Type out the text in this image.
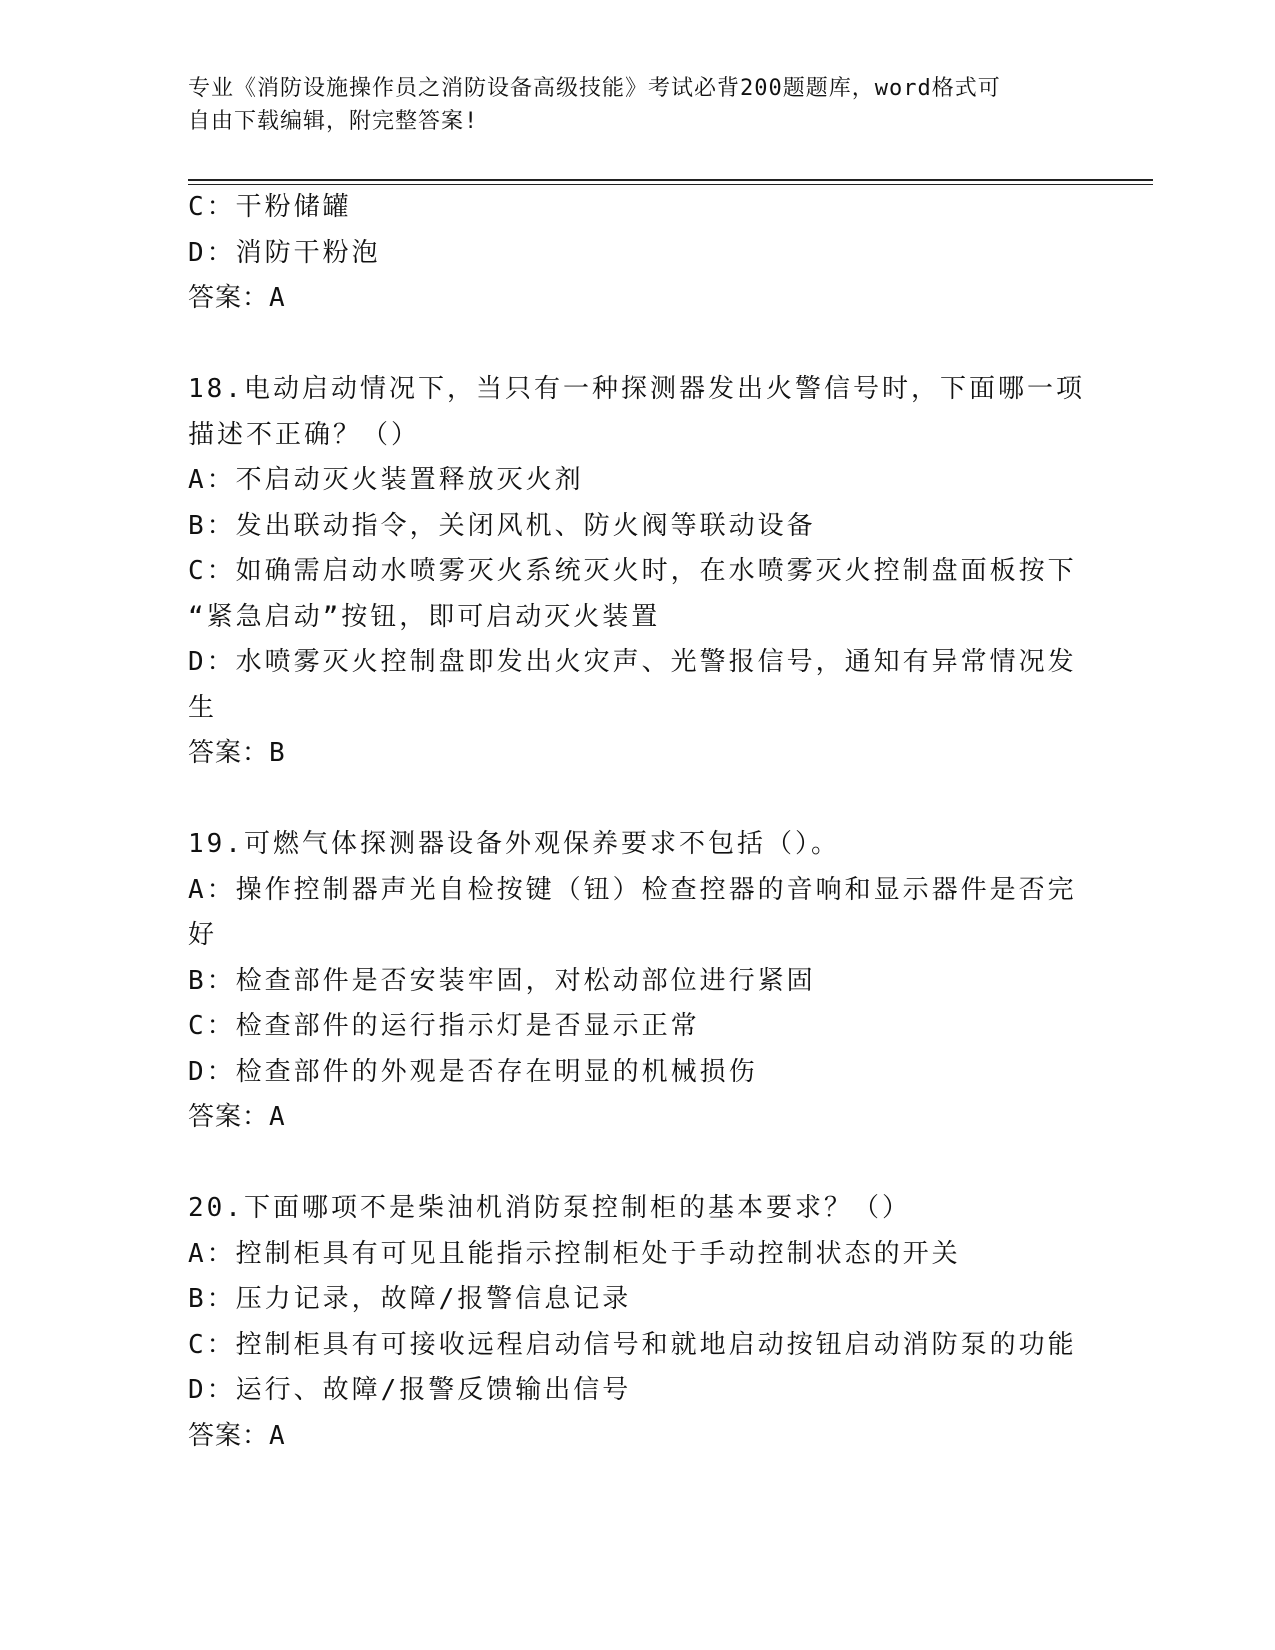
专业《消防设施操作员之消防设备高级技能》考试必背200题题库，word格式可
自由下载编辑，附完整答案!
C：干粉储罐
D：消防干粉泡
答案：A
18.电动启动情况下，当只有一种探测器发出火警信号时，下面哪一项
描述不正确？（）
A：不启动灭火装置释放灭火剂
B：发出联动指令，关闭风机、防火阀等联动设备
C：如确需启动水喷雾灭火系统灭火时，在水喷雾灭火控制盘面板按下
“紧急启动”按钮，即可启动灭火装置
D：水喷雾灭火控制盘即发出火灾声、光警报信号，通知有异常情况发
生
答案：B
19.可燃气体探测器设备外观保养要求不包括（）。
A：操作控制器声光自检按键（钮）检查控器的音响和显示器件是否完
好
B：检查部件是否安装牢固，对松动部位进行紧固
C：检查部件的运行指示灯是否显示正常
D：检查部件的外观是否存在明显的机械损伤
答案：A
20.下面哪项不是柴油机消防泵控制柜的基本要求？（）
A：控制柜具有可见且能指示控制柜处于手动控制状态的开关
B：压力记录，故障/报警信息记录
C：控制柜具有可接收远程启动信号和就地启动按钮启动消防泵的功能
D：运行、故障/报警反馈输出信号
答案：A
